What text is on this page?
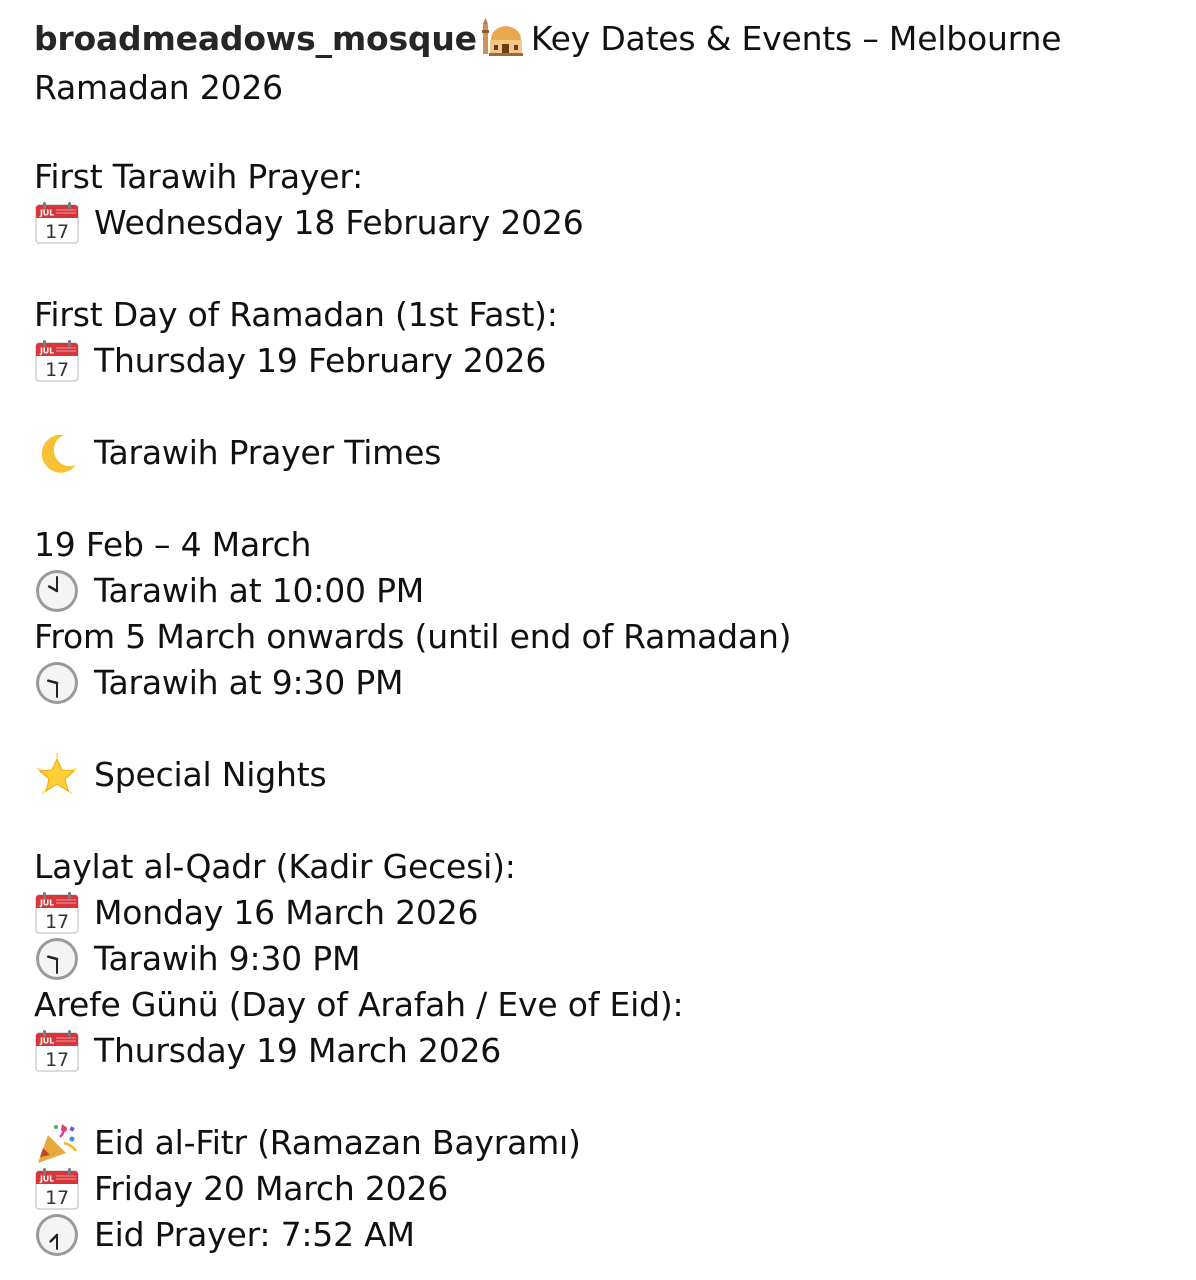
broadmeadows_mosque Key Dates & Events – Melbourne Ramadan 2026
First Tarawih Prayer:
JUL
17 Wednesday 18 February 2026
First Day of Ramadan (1st Fast):
JUL
17 Thursday 19 February 2026
Tarawih Prayer Times
19 Feb – 4 March
Tarawih at 10:00 PM
From 5 March onwards (until end of Ramadan)
Tarawih at 9:30 PM
Special Nights
Laylat al-Qadr (Kadir Gecesi):
JUL
17 Monday 16 March 2026
Tarawih 9:30 PM
Arefe Günü (Day of Arafah / Eve of Eid):
JUL
17 Thursday 19 March 2026
Eid al-Fitr (Ramazan Bayramı)
JUL
17 Friday 20 March 2026
Eid Prayer: 7:52 AM
